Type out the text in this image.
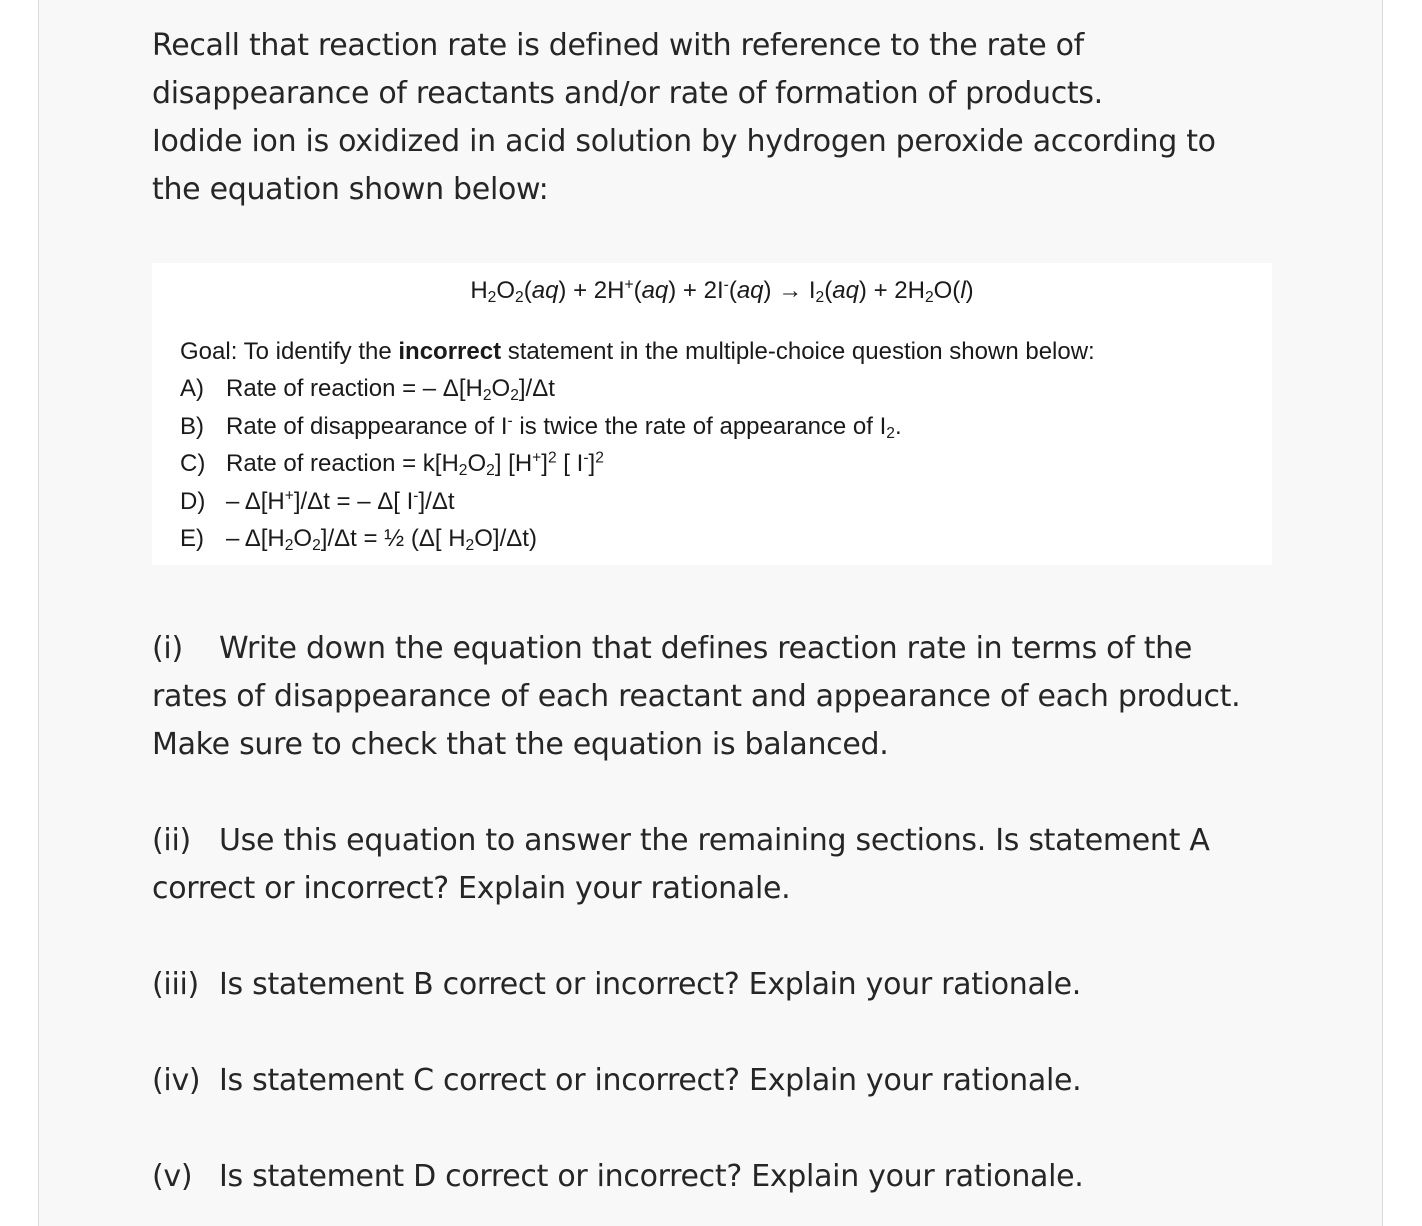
Recall that reaction rate is defined with reference to the rate of

disappearance of reactants and/or rate of formation of products.

Iodide ion is oxidized in acid solution by hydrogen peroxide according to

the equation shown below:

$H_2O_2(aq) + 2H^+(aq) + 2I^-(aq) \to I_2(aq) + 2H_2O(l)$
Goal: To identify the incorrect statement in the multiple-choice question shown below:
A) Rate of reaction = – $\Delta[H_2O_2]/\Delta t$
B) Rate of disappearance of I- is twice the rate of appearance of $I_2$.
C) Rate of reaction = $k[H_2O_2]$ $[H^+]^2$ [ I-]$^2$
D) – Δ[H+]/Δt = – Δ[ I-]/Δt
$E) - \Delta[H_2O_2]/\Delta t$ = ½ (Δ[ $H_2O]/\Delta t$)

(i) Write down the equation that defines reaction rate in terms of the

rates of disappearance of each reactant and appearance of each product.

Make sure to check that the equation is balanced.

(ii) Use this equation to answer the remaining sections. Is statement A

correct or incorrect? Explain your rationale.

(iii) Is statement B correct or incorrect? Explain your rationale.

(iv) Is statement C correct or incorrect? Explain your rationale.

(v) Is statement D correct or incorrect? Explain your rationale.
